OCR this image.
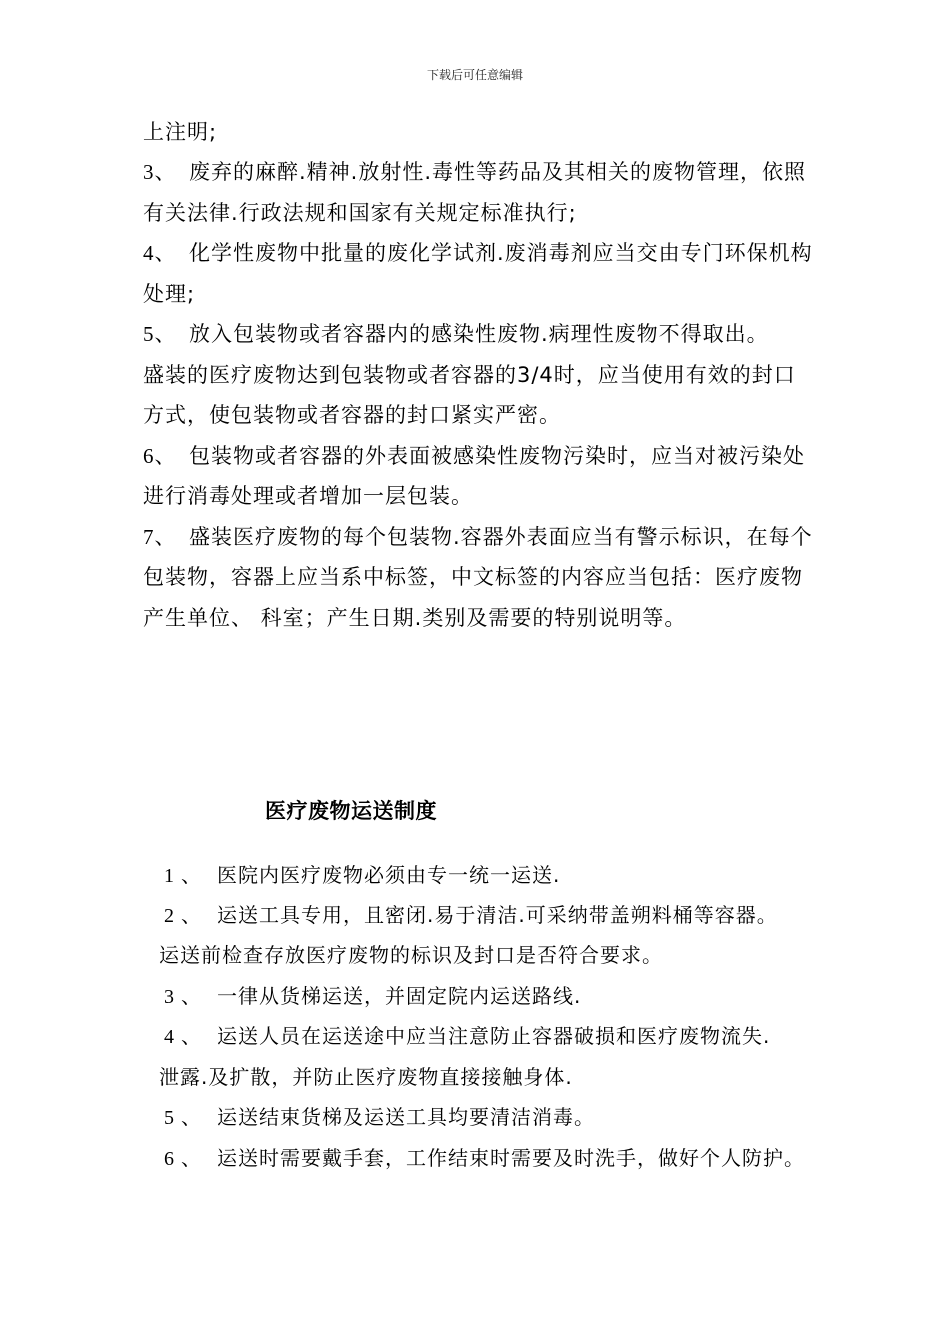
下载后可任意编辑
上注明;
3、 废弃的麻醉.精神.放射性.毒性等药品及其相关的废物管理，依照
有关法律.行政法规和国家有关规定标准执行;
4、 化学性废物中批量的废化学试剂.废消毒剂应当交由专门环保机构
处理;
5、 放入包装物或者容器内的感染性废物.病理性废物不得取出。
盛装的医疗废物达到包装物或者容器的3/4时，应当使用有效的封口
方式，使包装物或者容器的封口紧实严密。
6、 包装物或者容器的外表面被感染性废物污染时，应当对被污染处
进行消毒处理或者增加一层包装。
7、 盛装医疗废物的每个包装物.容器外表面应当有警示标识，在每个
包装物，容器上应当系中标签，中文标签的内容应当包括：医疗废物
产生单位、 科室；产生日期.类别及需要的特别说明等。
医疗废物运送制度
1 、 医院内医疗废物必须由专一统一运送.
2 、 运送工具专用，且密闭.易于清洁.可采纳带盖朔料桶等容器。
运送前检查存放医疗废物的标识及封口是否符合要求。
3 、 一律从货梯运送，并固定院内运送路线.
4 、 运送人员在运送途中应当注意防止容器破损和医疗废物流失.
泄露.及扩散，并防止医疗废物直接接触身体.
5 、 运送结束货梯及运送工具均要清洁消毒。
6 、 运送时需要戴手套，工作结束时需要及时洗手，做好个人防护。
